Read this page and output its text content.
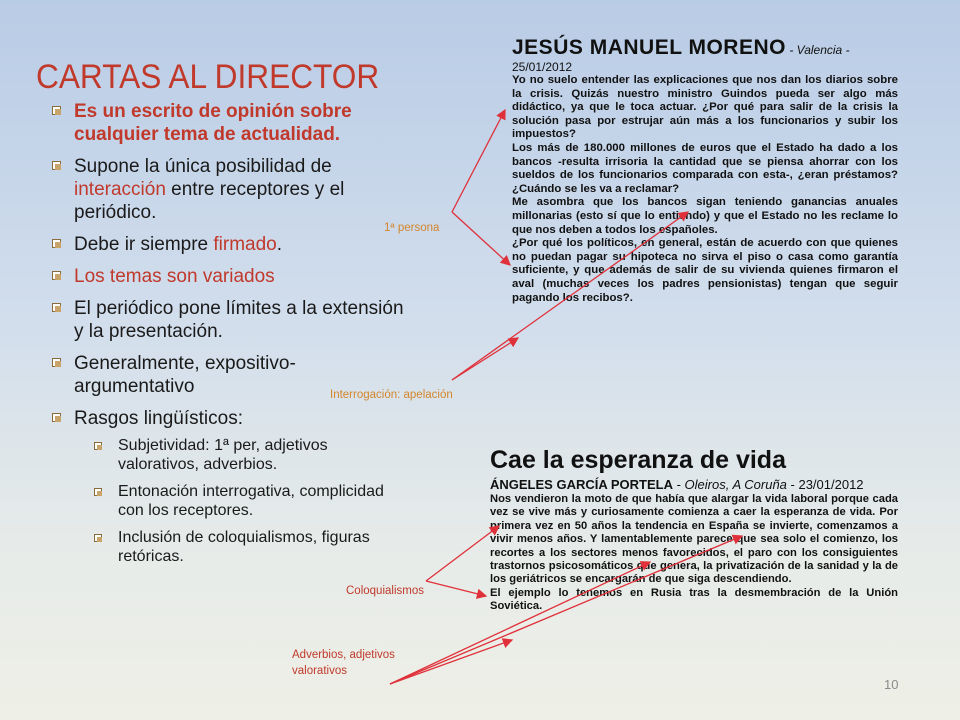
CARTAS AL DIRECTOR
Es un escrito de opinión sobre cualquier tema de actualidad.
Supone la única posibilidad de interacción entre receptores y el periódico.
Debe ir siempre firmado.
Los temas son variados
El periódico pone límites a la extensión y la presentación.
Generalmente, expositivo-argumentativo
Rasgos lingüísticos:
Subjetividad: 1ª per, adjetivos valorativos, adverbios.
Entonación interrogativa, complicidad con los receptores.
Inclusión de coloquialismos, figuras retóricas.
JESÚS MANUEL MORENO - Valencia -
25/01/2012

Yo no suelo entender las explicaciones que nos dan los diarios sobre la crisis. Quizás nuestro ministro Guindos pueda ser algo más didáctico, ya que le toca actuar. ¿Por qué para salir de la crisis la solución pasa por estrujar aún más a los funcionarios y subir los impuestos?

Los más de 180.000 millones de euros que el Estado ha dado a los bancos -resulta irrisoria la cantidad que se piensa ahorrar con los sueldos de los funcionarios comparada con esta-, ¿eran préstamos? ¿Cuándo se les va a reclamar?

Me asombra que los bancos sigan teniendo ganancias anuales millonarias (esto sí que lo entiendo) y que el Estado no les reclame lo que nos deben a todos los españoles.

¿Por qué los políticos, en general, están de acuerdo con que quienes no puedan pagar su hipoteca no sirva el piso o casa como garantía suficiente, y que además de salir de su vivienda quienes firmaron el aval (muchas veces los padres pensionistas) tengan que seguir pagando los recibos?.

Cae la esperanza de vida
ÁNGELES GARCÍA PORTELA - Oleiros, A Coruña - 23/01/2012

Nos vendieron la moto de que había que alargar la vida laboral porque cada vez se vive más y curiosamente comienza a caer la esperanza de vida. Por primera vez en 50 años la tendencia en España se invierte, comenzamos a vivir menos años. Y lamentablemente parece que sea solo el comienzo, los recortes a los sectores menos favorecidos, el paro con los consiguientes trastornos psicosomáticos que genera, la privatización de la sanidad y la de los geriátricos se encargarán de que siga descendiendo.

El ejemplo lo tenemos en Rusia tras la desmembración de la Unión Soviética.

1ª persona
Interrogación: apelación
Coloquialismos
Adverbios, adjetivos valorativos
10
